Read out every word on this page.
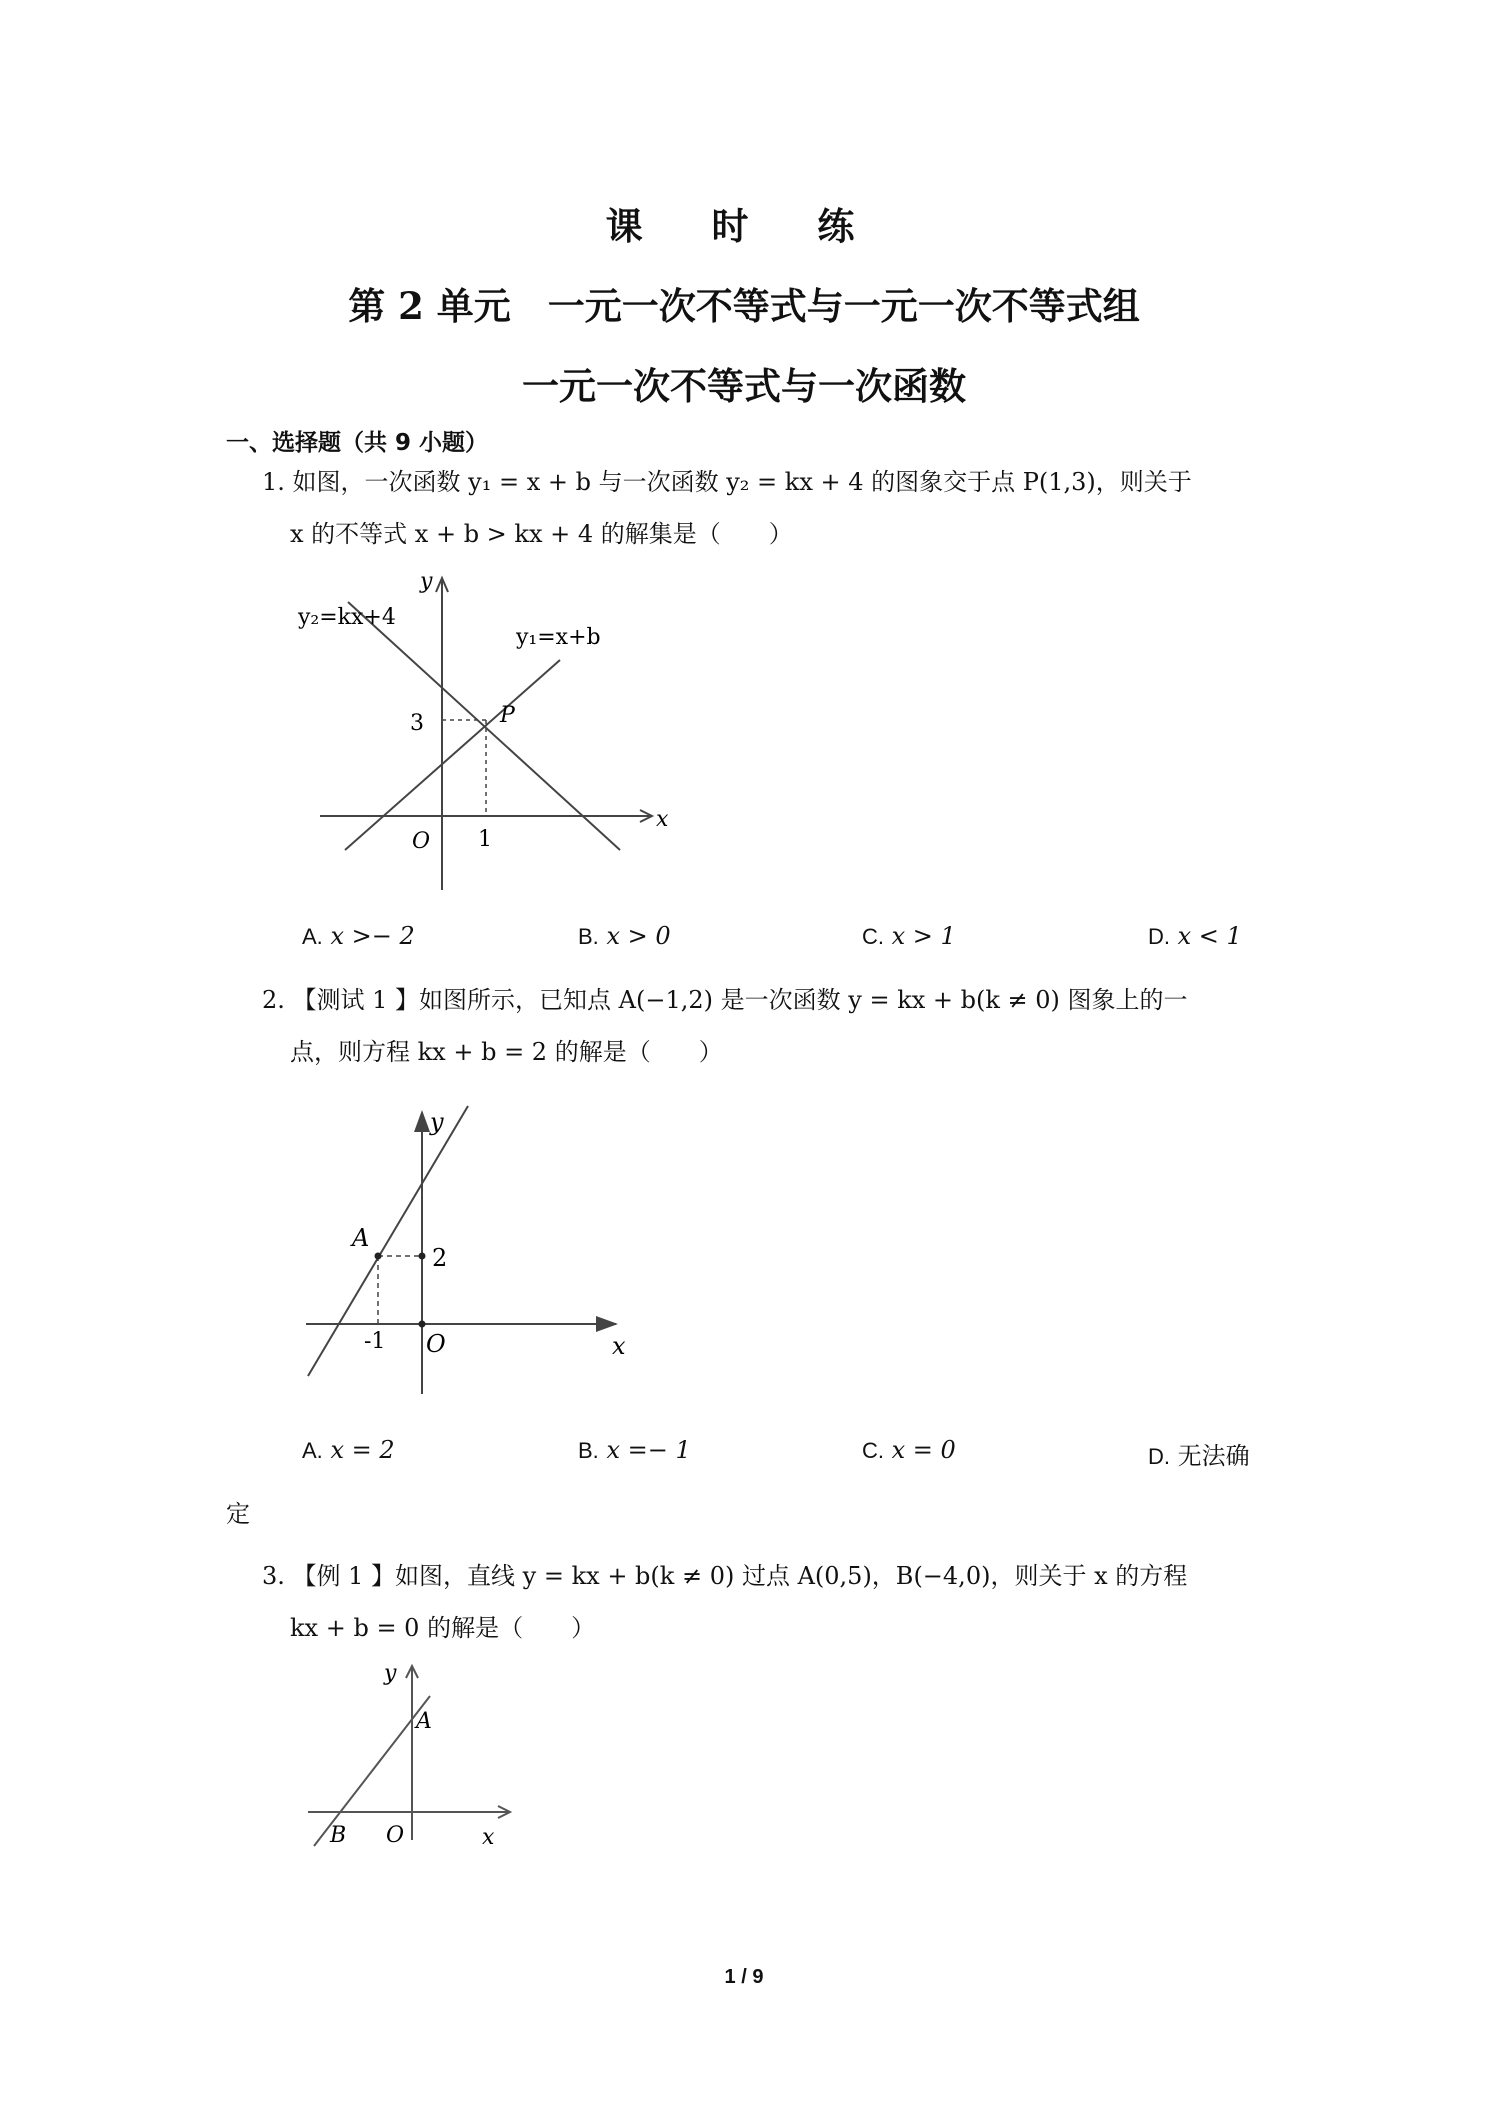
课 时 练
第 2 单元　一元一次不等式与一元一次不等式组
一元一次不等式与一次函数
一、选择题（共 9 小题）
1. 如图，一次函数 y₁ = x + b 与一次函数 y₂ = kx + 4 的图象交于点 P(1,3)，则关于
x 的不等式 x + b > kx + 4 的解集是（　　）
y₂=kx+4
y₁=x+b
y
x
O
P
3
1
A. x >− 2	B. x > 0	C. x > 1	D. x < 1
2. 【测试 1 】如图所示，已知点 A(−1,2) 是一次函数 y = kx + b(k ≠ 0) 图象上的一
点，则方程 kx + b = 2 的解是（　　）
y
x
O
A
2
-1
A. x = 2	B. x =− 1	C. x = 0	D. 无法确
定
3. 【例 1 】如图，直线 y = kx + b(k ≠ 0) 过点 A(0,5)，B(−4,0)，则关于 x 的方程
kx + b = 0 的解是（　　）
y
x
O
A
B
1 / 9
